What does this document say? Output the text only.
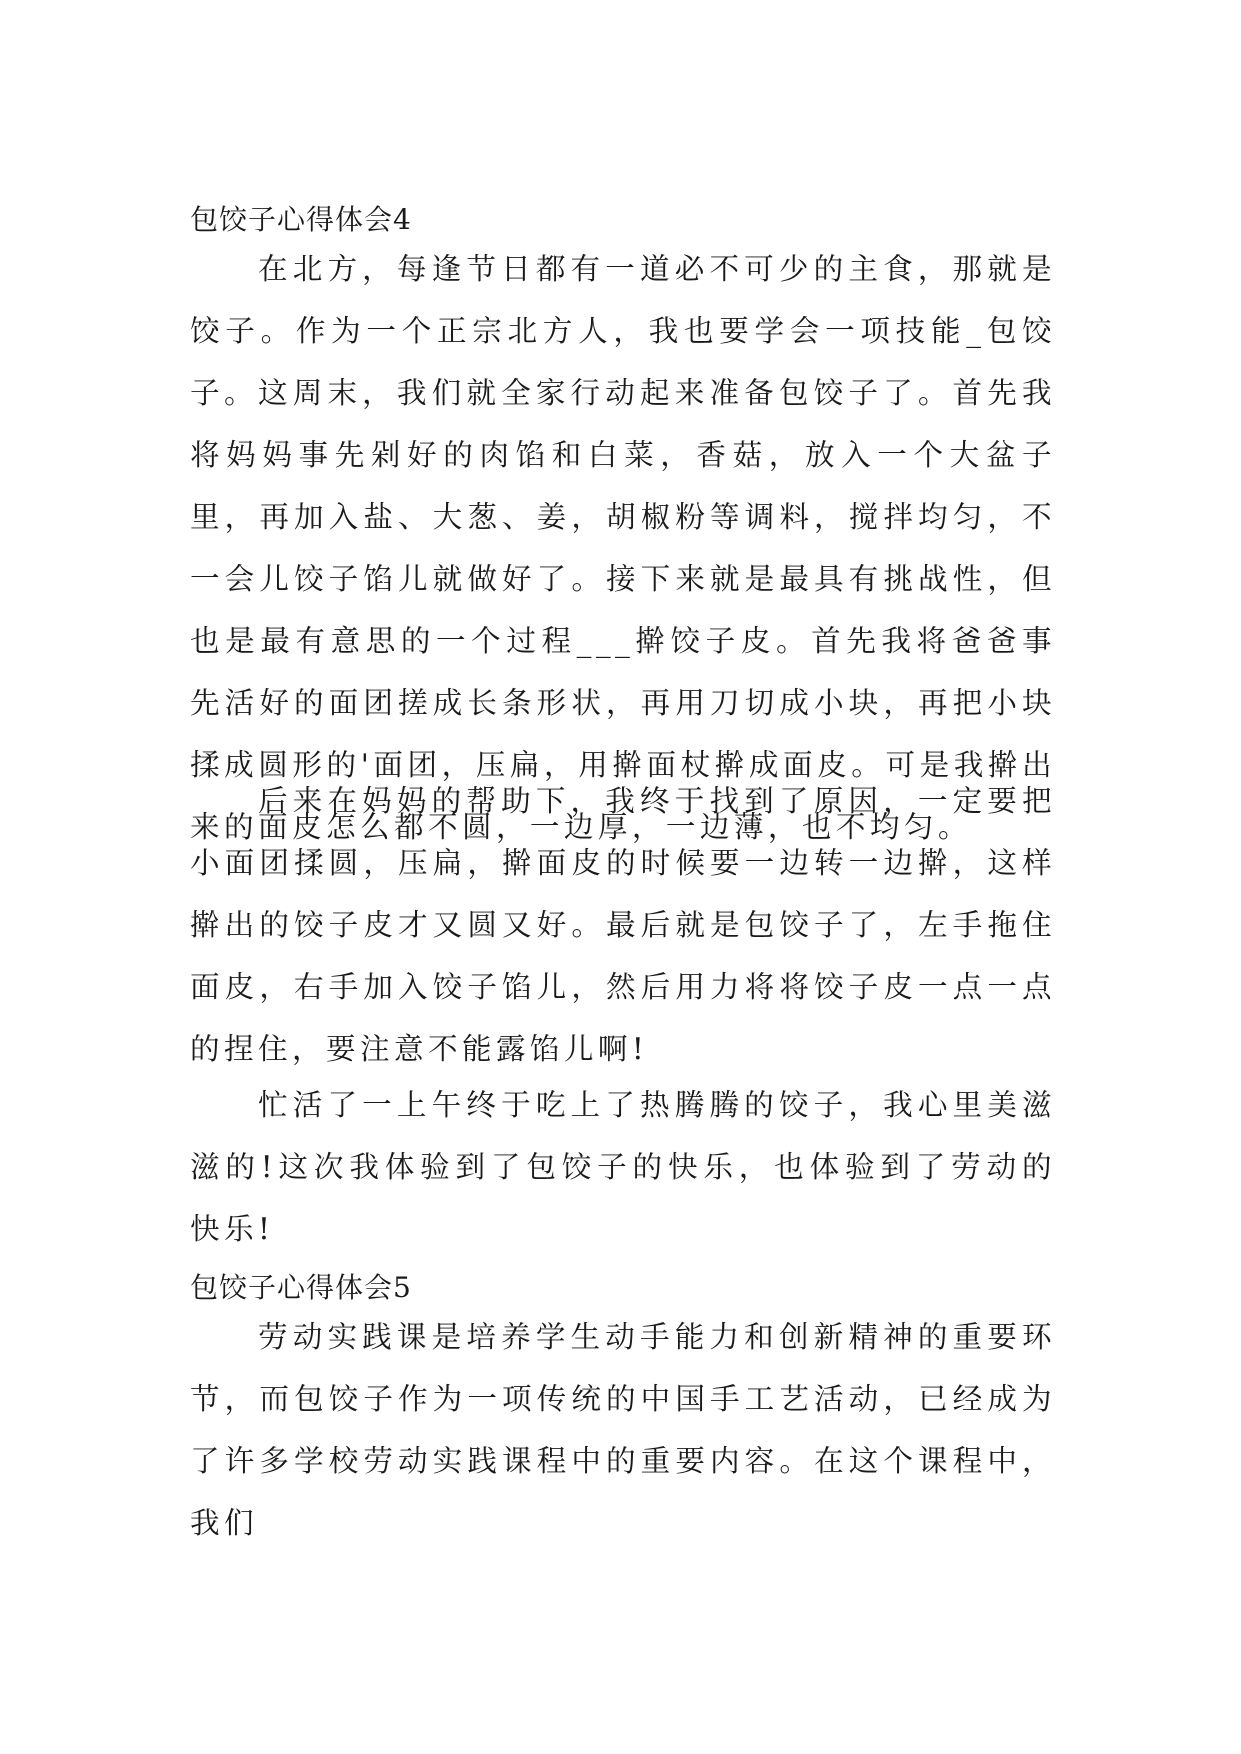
包饺子心得体会4

在北方，每逢节日都有一道必不可少的主食，那就是饺子。作为一个正宗北方人，我也要学会一项技能_包饺子。 这周末，我们就全家行动起来准备包饺子了。首先我将妈妈事先剁好的肉馅和白菜，香菇，放入一个大盆子里，再加入盐、大葱、姜，胡椒粉等调料，搅拌均匀，不一会儿饺子馅儿就做好了。接下来就是最具有挑战性，但也是最有意思的一个过程___擀饺子皮。首先我将爸爸事先活好的面团搓成长条形状，再用刀切成小块，再把小块揉成圆形的'面团，压扁，用擀面杖擀成面皮。可是我擀出来的面皮怎么都不圆，一边厚，一边薄，也不均匀。

后来在妈妈的帮助下，我终于找到了原因，一定要把小面团揉圆，压扁，擀面皮的时候要一边转一边擀，这样擀出的饺子皮才又圆又好。最后就是包饺子了，左手拖住面皮，右手加入饺子馅儿，然后用力将将饺子皮一点一点的捏住，要注意不能露馅儿啊!

忙活了一上午终于吃上了热腾腾的饺子，我心里美滋滋的!这次我体验到了包饺子的快乐，也体验到了劳动的快乐!

包饺子心得体会5

劳动实践课是培养学生动手能力和创新精神的重要环节，而包饺子作为一项传统的中国手工艺活动，已经成为了许多学校劳动实践课程中的重要内容。在这个课程中，我们
